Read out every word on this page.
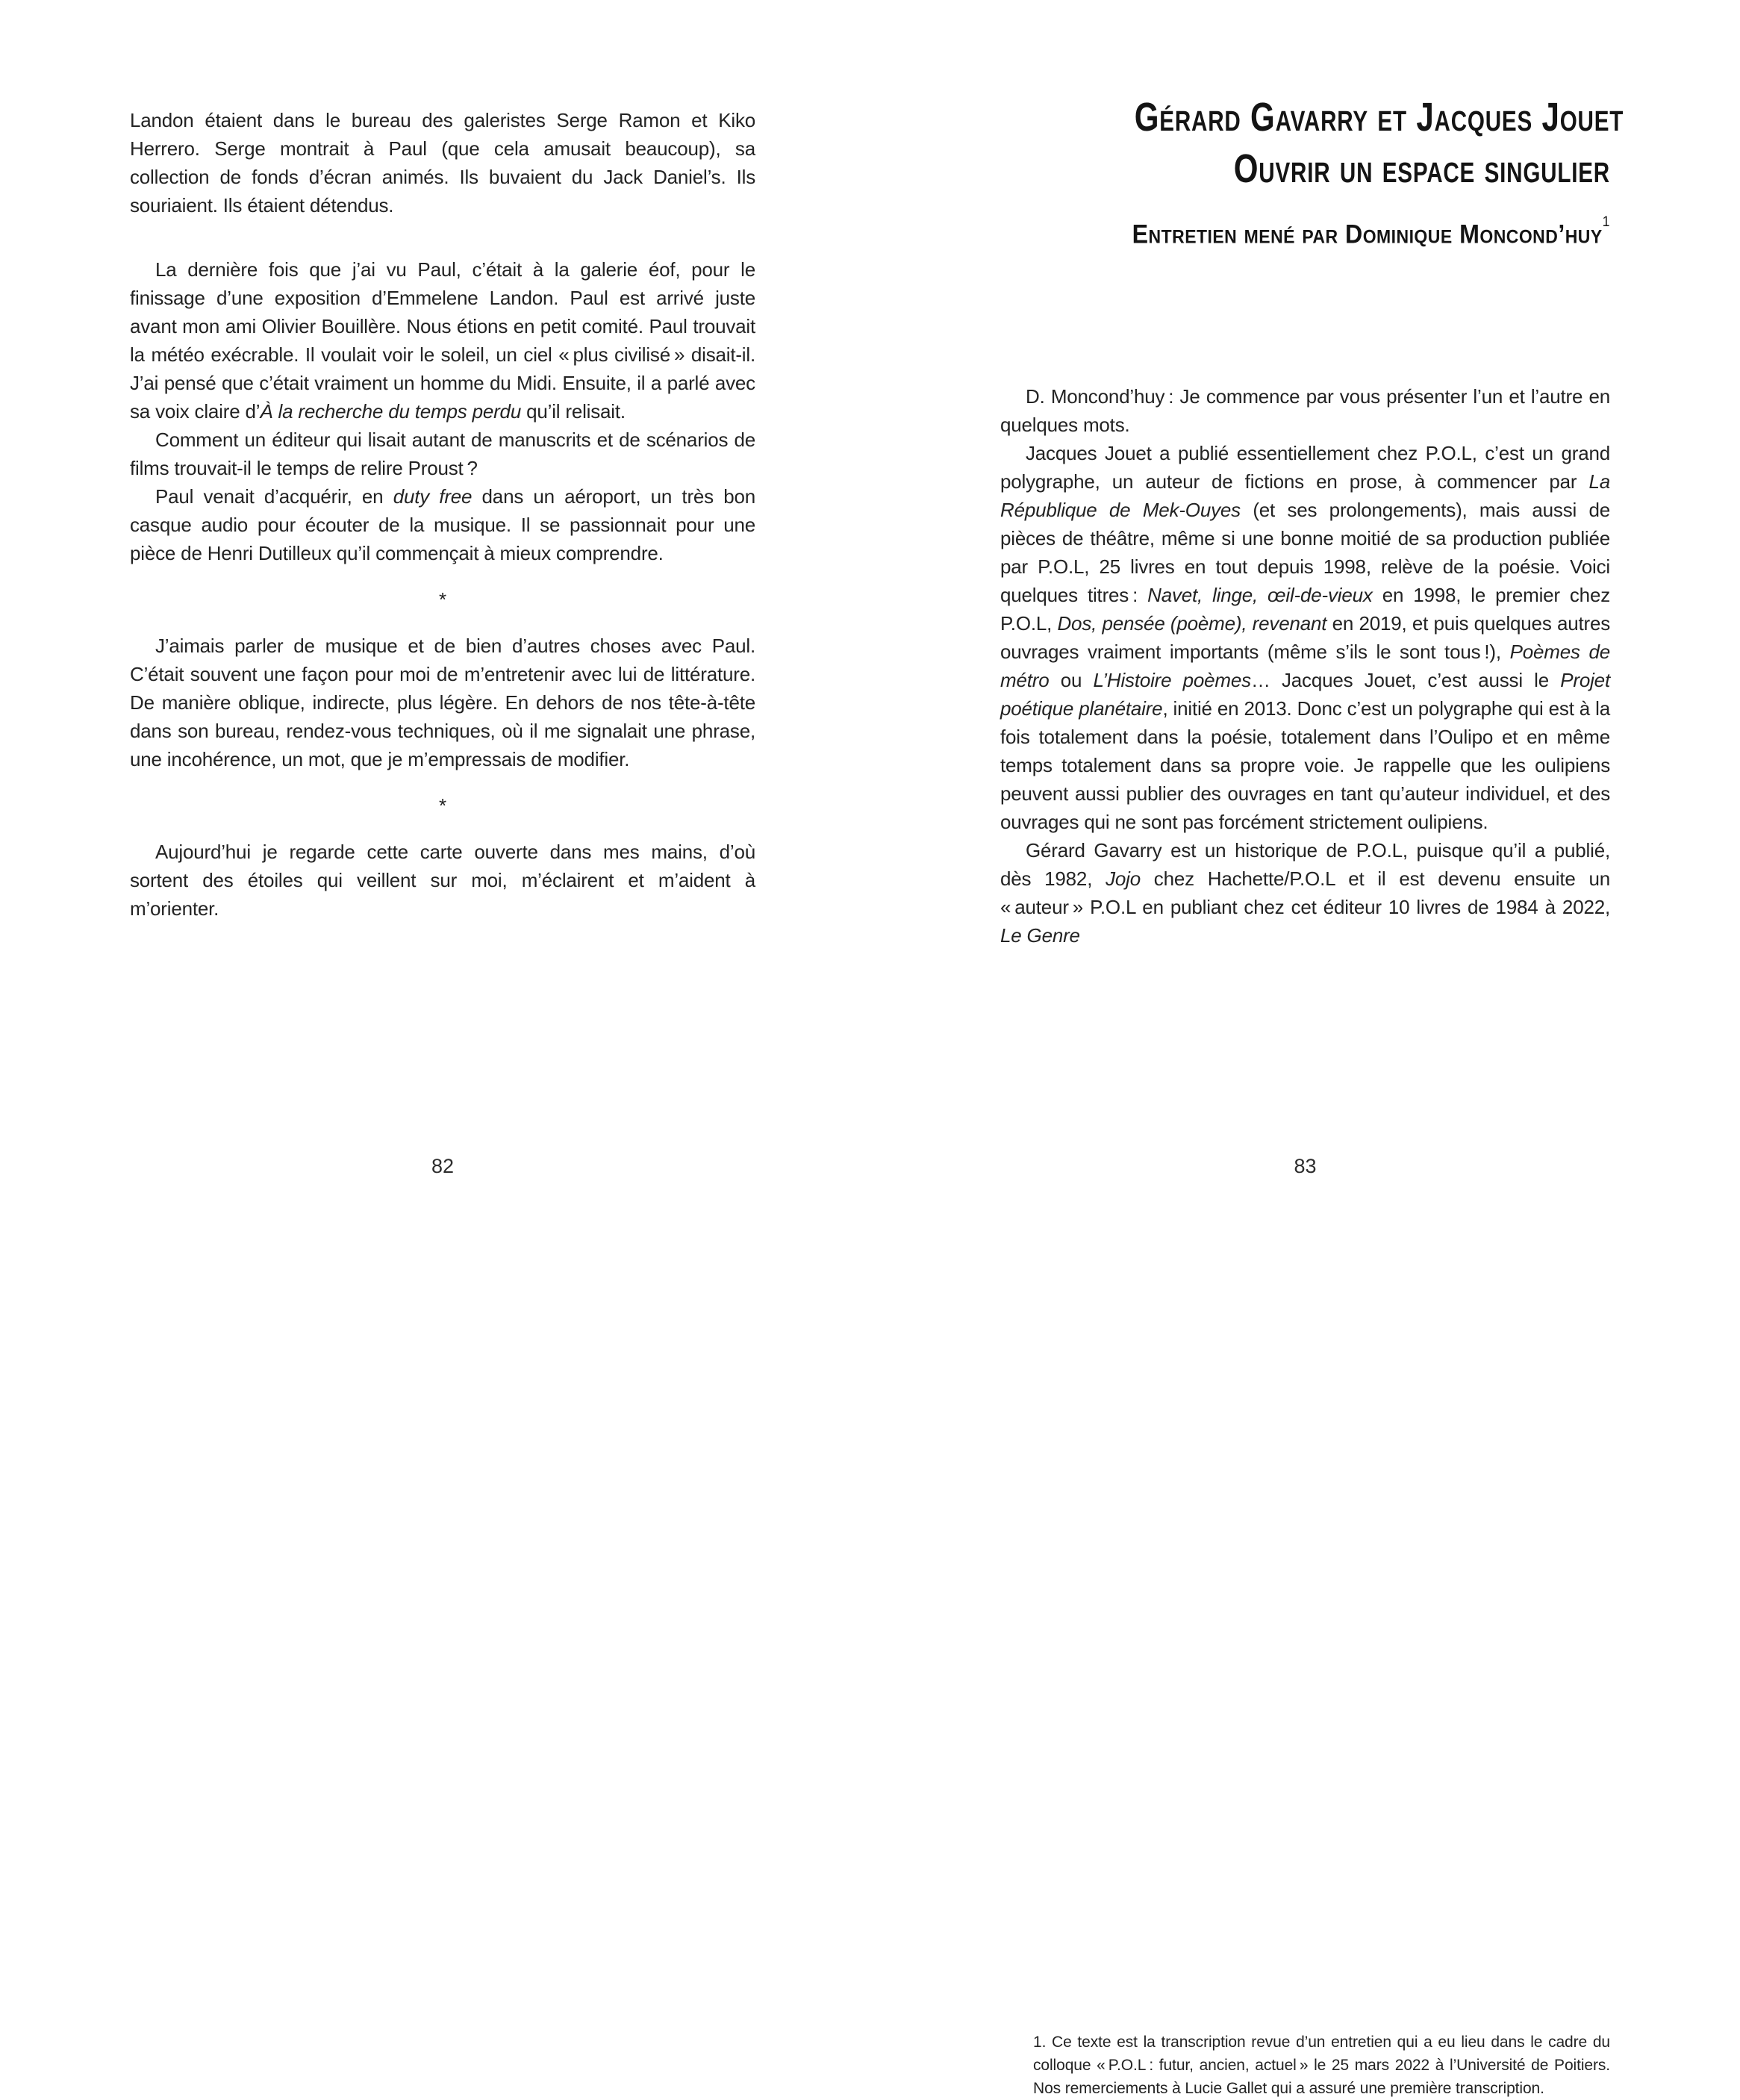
Landon étaient dans le bureau des galeristes Serge Ramon et Kiko Herrero. Serge montrait à Paul (que cela amusait beaucoup), sa collection de fonds d’écran animés. Ils buvaient du Jack Daniel’s. Ils souriaient. Ils étaient détendus.

La dernière fois que j’ai vu Paul, c’était à la galerie éof, pour le finissage d’une exposition d’Emmelene Landon. Paul est arrivé juste avant mon ami Olivier Bouillère. Nous étions en petit comité. Paul trouvait la météo exécrable. Il voulait voir le soleil, un ciel « plus civilisé » disait-il. J’ai pensé que c’était vraiment un homme du Midi. Ensuite, il a parlé avec sa voix claire d’À la recherche du temps perdu qu’il relisait.

Comment un éditeur qui lisait autant de manuscrits et de scénarios de films trouvait-il le temps de relire Proust ?

Paul venait d’acquérir, en duty free dans un aéroport, un très bon casque audio pour écouter de la musique. Il se passionnait pour une pièce de Henri Dutilleux qu’il commençait à mieux comprendre.

*

J’aimais parler de musique et de bien d’autres choses avec Paul. C’était souvent une façon pour moi de m’entretenir avec lui de littérature. De manière oblique, indirecte, plus légère. En dehors de nos tête-à-tête dans son bureau, rendez-vous techniques, où il me signalait une phrase, une incohérence, un mot, que je m’empressais de modifier.

*

Aujourd’hui je regarde cette carte ouverte dans mes mains, d’où sortent des étoiles qui veillent sur moi, m’éclairent et m’aident à m’orienter.

82
Gérard Gavarry et Jacques Jouet
Ouvrir un espace singulier
Entretien mené par Dominique Moncond’huy$^1$

D. Moncond’huy : Je commence par vous présenter l’un et l’autre en quelques mots.

Jacques Jouet a publié essentiellement chez P.O.L, c’est un grand polygraphe, un auteur de fictions en prose, à commencer par La République de Mek-Ouyes (et ses prolongements), mais aussi de pièces de théâtre, même si une bonne moitié de sa production publiée par P.O.L, 25 livres en tout depuis 1998, relève de la poésie. Voici quelques titres : Navet, linge, œil-de-vieux en 1998, le premier chez P.O.L, Dos, pensée (poème), revenant en 2019, et puis quelques autres ouvrages vraiment importants (même s’ils le sont tous !), Poèmes de métro ou L’Histoire poèmes… Jacques Jouet, c’est aussi le Projet poétique planétaire, initié en 2013. Donc c’est un polygraphe qui est à la fois totalement dans la poésie, totalement dans l’Oulipo et en même temps totalement dans sa propre voie. Je rappelle que les oulipiens peuvent aussi publier des ouvrages en tant qu’auteur individuel, et des ouvrages qui ne sont pas forcément strictement oulipiens.

Gérard Gavarry est un historique de P.O.L, puisque qu’il a publié, dès 1982, Jojo chez Hachette/P.O.L et il est devenu ensuite un « auteur » P.O.L en publiant chez cet éditeur 10 livres de 1984 à 2022, Le Genre

1. Ce texte est la transcription revue d’un entretien qui a eu lieu dans le cadre du colloque « P.O.L : futur, ancien, actuel » le 25 mars 2022 à l’Université de Poitiers. Nos remerciements à Lucie Gallet qui a assuré une première transcription.

83
